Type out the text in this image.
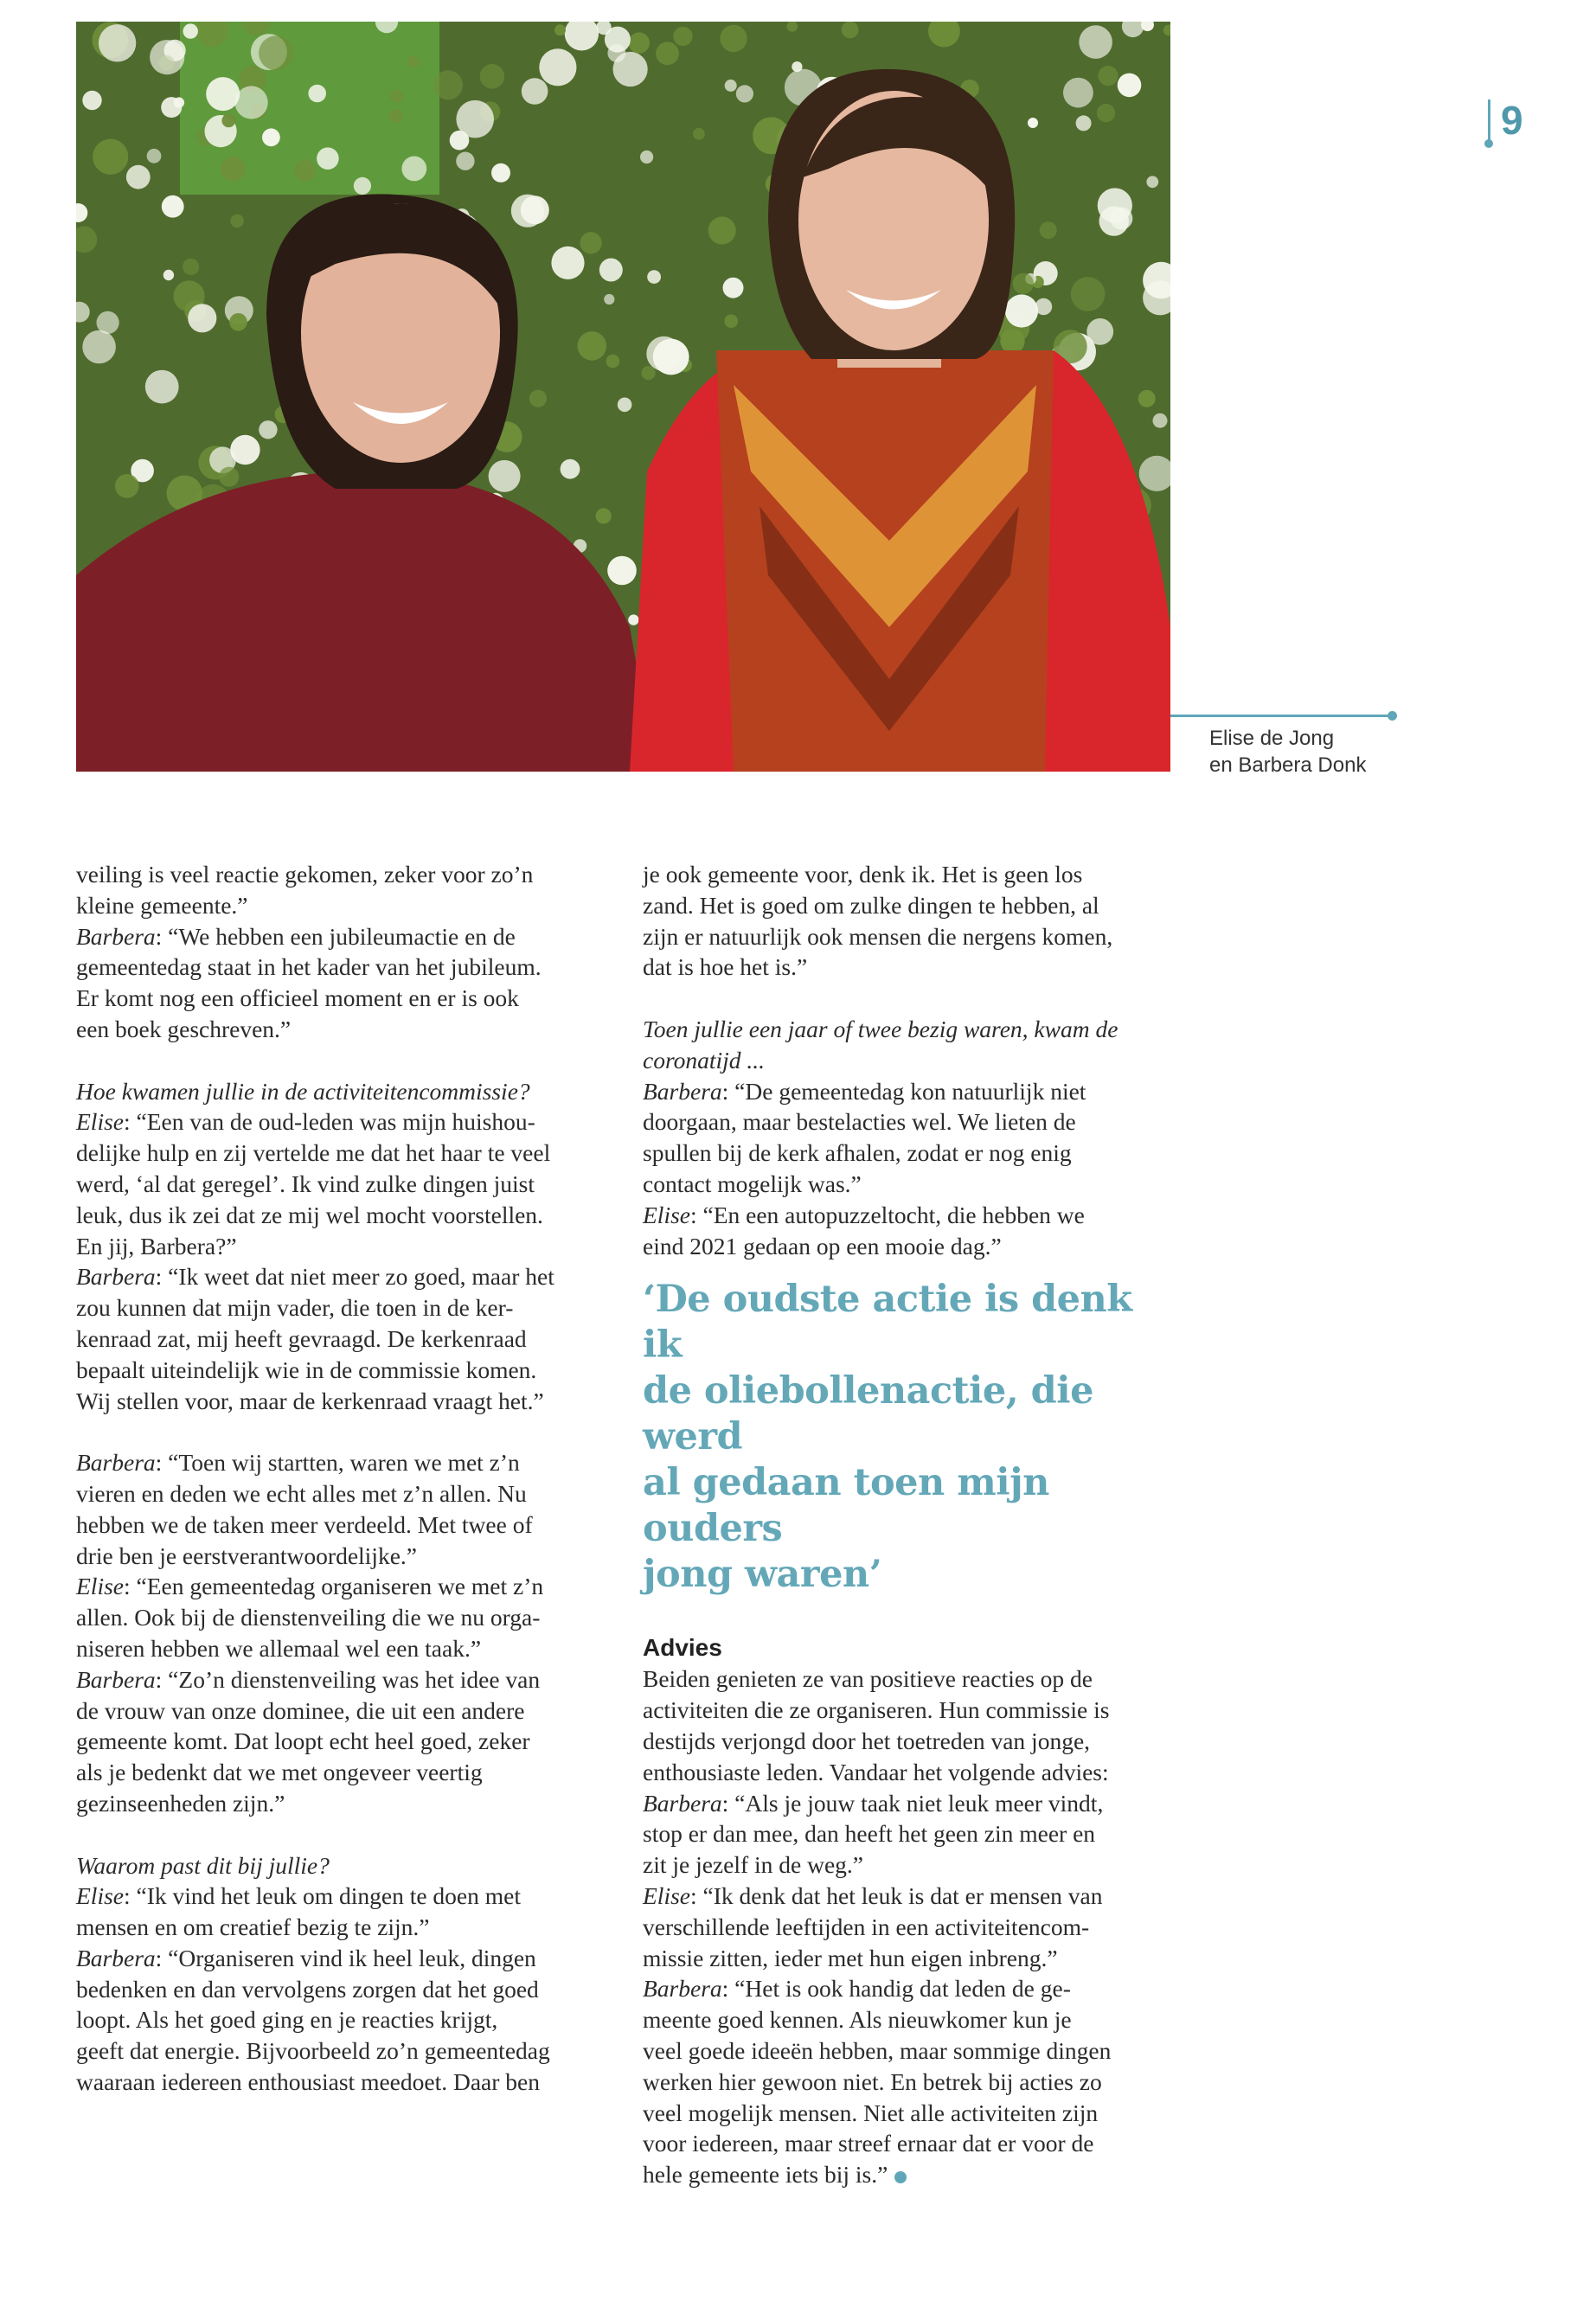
9
Elise de Jong
en Barbera Donk

veiling is veel reactie gekomen, zeker voor zo’n

kleine gemeente.”

Barbera: “We hebben een jubileumactie en de

gemeentedag staat in het kader van het jubileum.

Er komt nog een officieel moment en er is ook

een boek geschreven.”

Hoe kwamen jullie in de activiteitencommissie?

Elise: “Een van de oud-leden was mijn huishou-

delijke hulp en zij vertelde me dat het haar te veel

werd, ‘al dat geregel’. Ik vind zulke dingen juist

leuk, dus ik zei dat ze mij wel mocht voorstellen.

En jij, Barbera?”

Barbera: “Ik weet dat niet meer zo goed, maar het

zou kunnen dat mijn vader, die toen in de ker-

kenraad zat, mij heeft gevraagd. De kerkenraad

bepaalt uiteindelijk wie in de commissie komen.

Wij stellen voor, maar de kerkenraad vraagt het.”

Barbera: “Toen wij startten, waren we met z’n

vieren en deden we echt alles met z’n allen. Nu

hebben we de taken meer verdeeld. Met twee of

drie ben je eerstverantwoordelijke.”

Elise: “Een gemeentedag organiseren we met z’n

allen. Ook bij de dienstenveiling die we nu orga-

niseren hebben we allemaal wel een taak.”

Barbera: “Zo’n dienstenveiling was het idee van

de vrouw van onze dominee, die uit een andere

gemeente komt. Dat loopt echt heel goed, zeker

als je bedenkt dat we met ongeveer veertig

gezinseenheden zijn.”

Waarom past dit bij jullie?

Elise: “Ik vind het leuk om dingen te doen met

mensen en om creatief bezig te zijn.”

Barbera: “Organiseren vind ik heel leuk, dingen

bedenken en dan vervolgens zorgen dat het goed

loopt. Als het goed ging en je reacties krijgt,

geeft dat energie. Bijvoorbeeld zo’n gemeentedag

waaraan iedereen enthousiast meedoet. Daar ben

je ook gemeente voor, denk ik. Het is geen los

zand. Het is goed om zulke dingen te hebben, al

zijn er natuurlijk ook mensen die nergens komen,

dat is hoe het is.”

Toen jullie een jaar of twee bezig waren, kwam de

coronatijd ...

Barbera: “De gemeentedag kon natuurlijk niet

doorgaan, maar bestelacties wel. We lieten de

spullen bij de kerk afhalen, zodat er nog enig

contact mogelijk was.”

Elise: “En een autopuzzeltocht, die hebben we

eind 2021 gedaan op een mooie dag.”

‘De oudste actie is denk ik
de oliebollenactie, die werd
al gedaan toen mijn ouders
jong waren’
Advies

Beiden genieten ze van positieve reacties op de

activiteiten die ze organiseren. Hun commissie is

destijds verjongd door het toetreden van jonge,

enthousiaste leden. Vandaar het volgende advies:

Barbera: “Als je jouw taak niet leuk meer vindt,

stop er dan mee, dan heeft het geen zin meer en

zit je jezelf in de weg.”

Elise: “Ik denk dat het leuk is dat er mensen van

verschillende leeftijden in een activiteitencom-

missie zitten, ieder met hun eigen inbreng.”

Barbera: “Het is ook handig dat leden de ge-

meente goed kennen. Als nieuwkomer kun je

veel goede ideeën hebben, maar sommige dingen

werken hier gewoon niet. En betrek bij acties zo

veel mogelijk mensen. Niet alle activiteiten zijn

voor iedereen, maar streef ernaar dat er voor de

hele gemeente iets bij is.”
